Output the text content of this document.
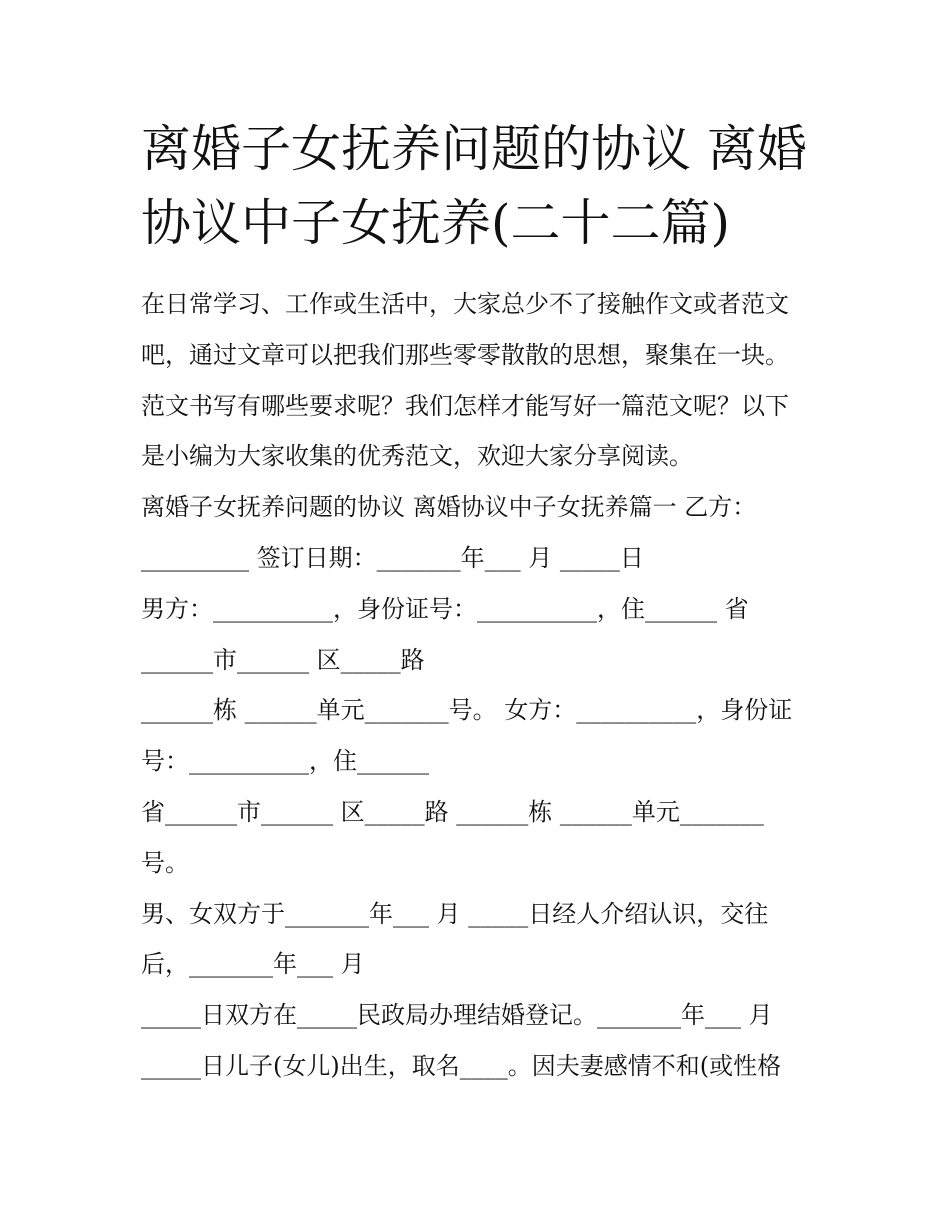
离婚子女抚养问题的协议 离婚
协议中子女抚养(二十二篇)
在日常学习、工作或生活中，大家总少不了接触作文或者范文
吧，通过文章可以把我们那些零零散散的思想，聚集在一块。
范文书写有哪些要求呢？我们怎样才能写好一篇范文呢？以下
是小编为大家收集的优秀范文，欢迎大家分享阅读。
离婚子女抚养问题的协议 离婚协议中子女抚养篇一 乙方：
_________ 签订日期：_______年___ 月 _____日
男方：__________，身份证号：__________，住______ 省
______市______ 区_____路
______栋 ______单元_______号。 女方：__________，身份证
号：__________，住______
省______市______ 区_____路 ______栋 ______单元_______
号。
男、女双方于_______年___ 月 _____日经人介绍认识，交往
后，_______年___ 月
_____日双方在_____民政局办理结婚登记。_______年___ 月
_____日儿子(女儿)出生，取名____。因夫妻感情不和(或性格
